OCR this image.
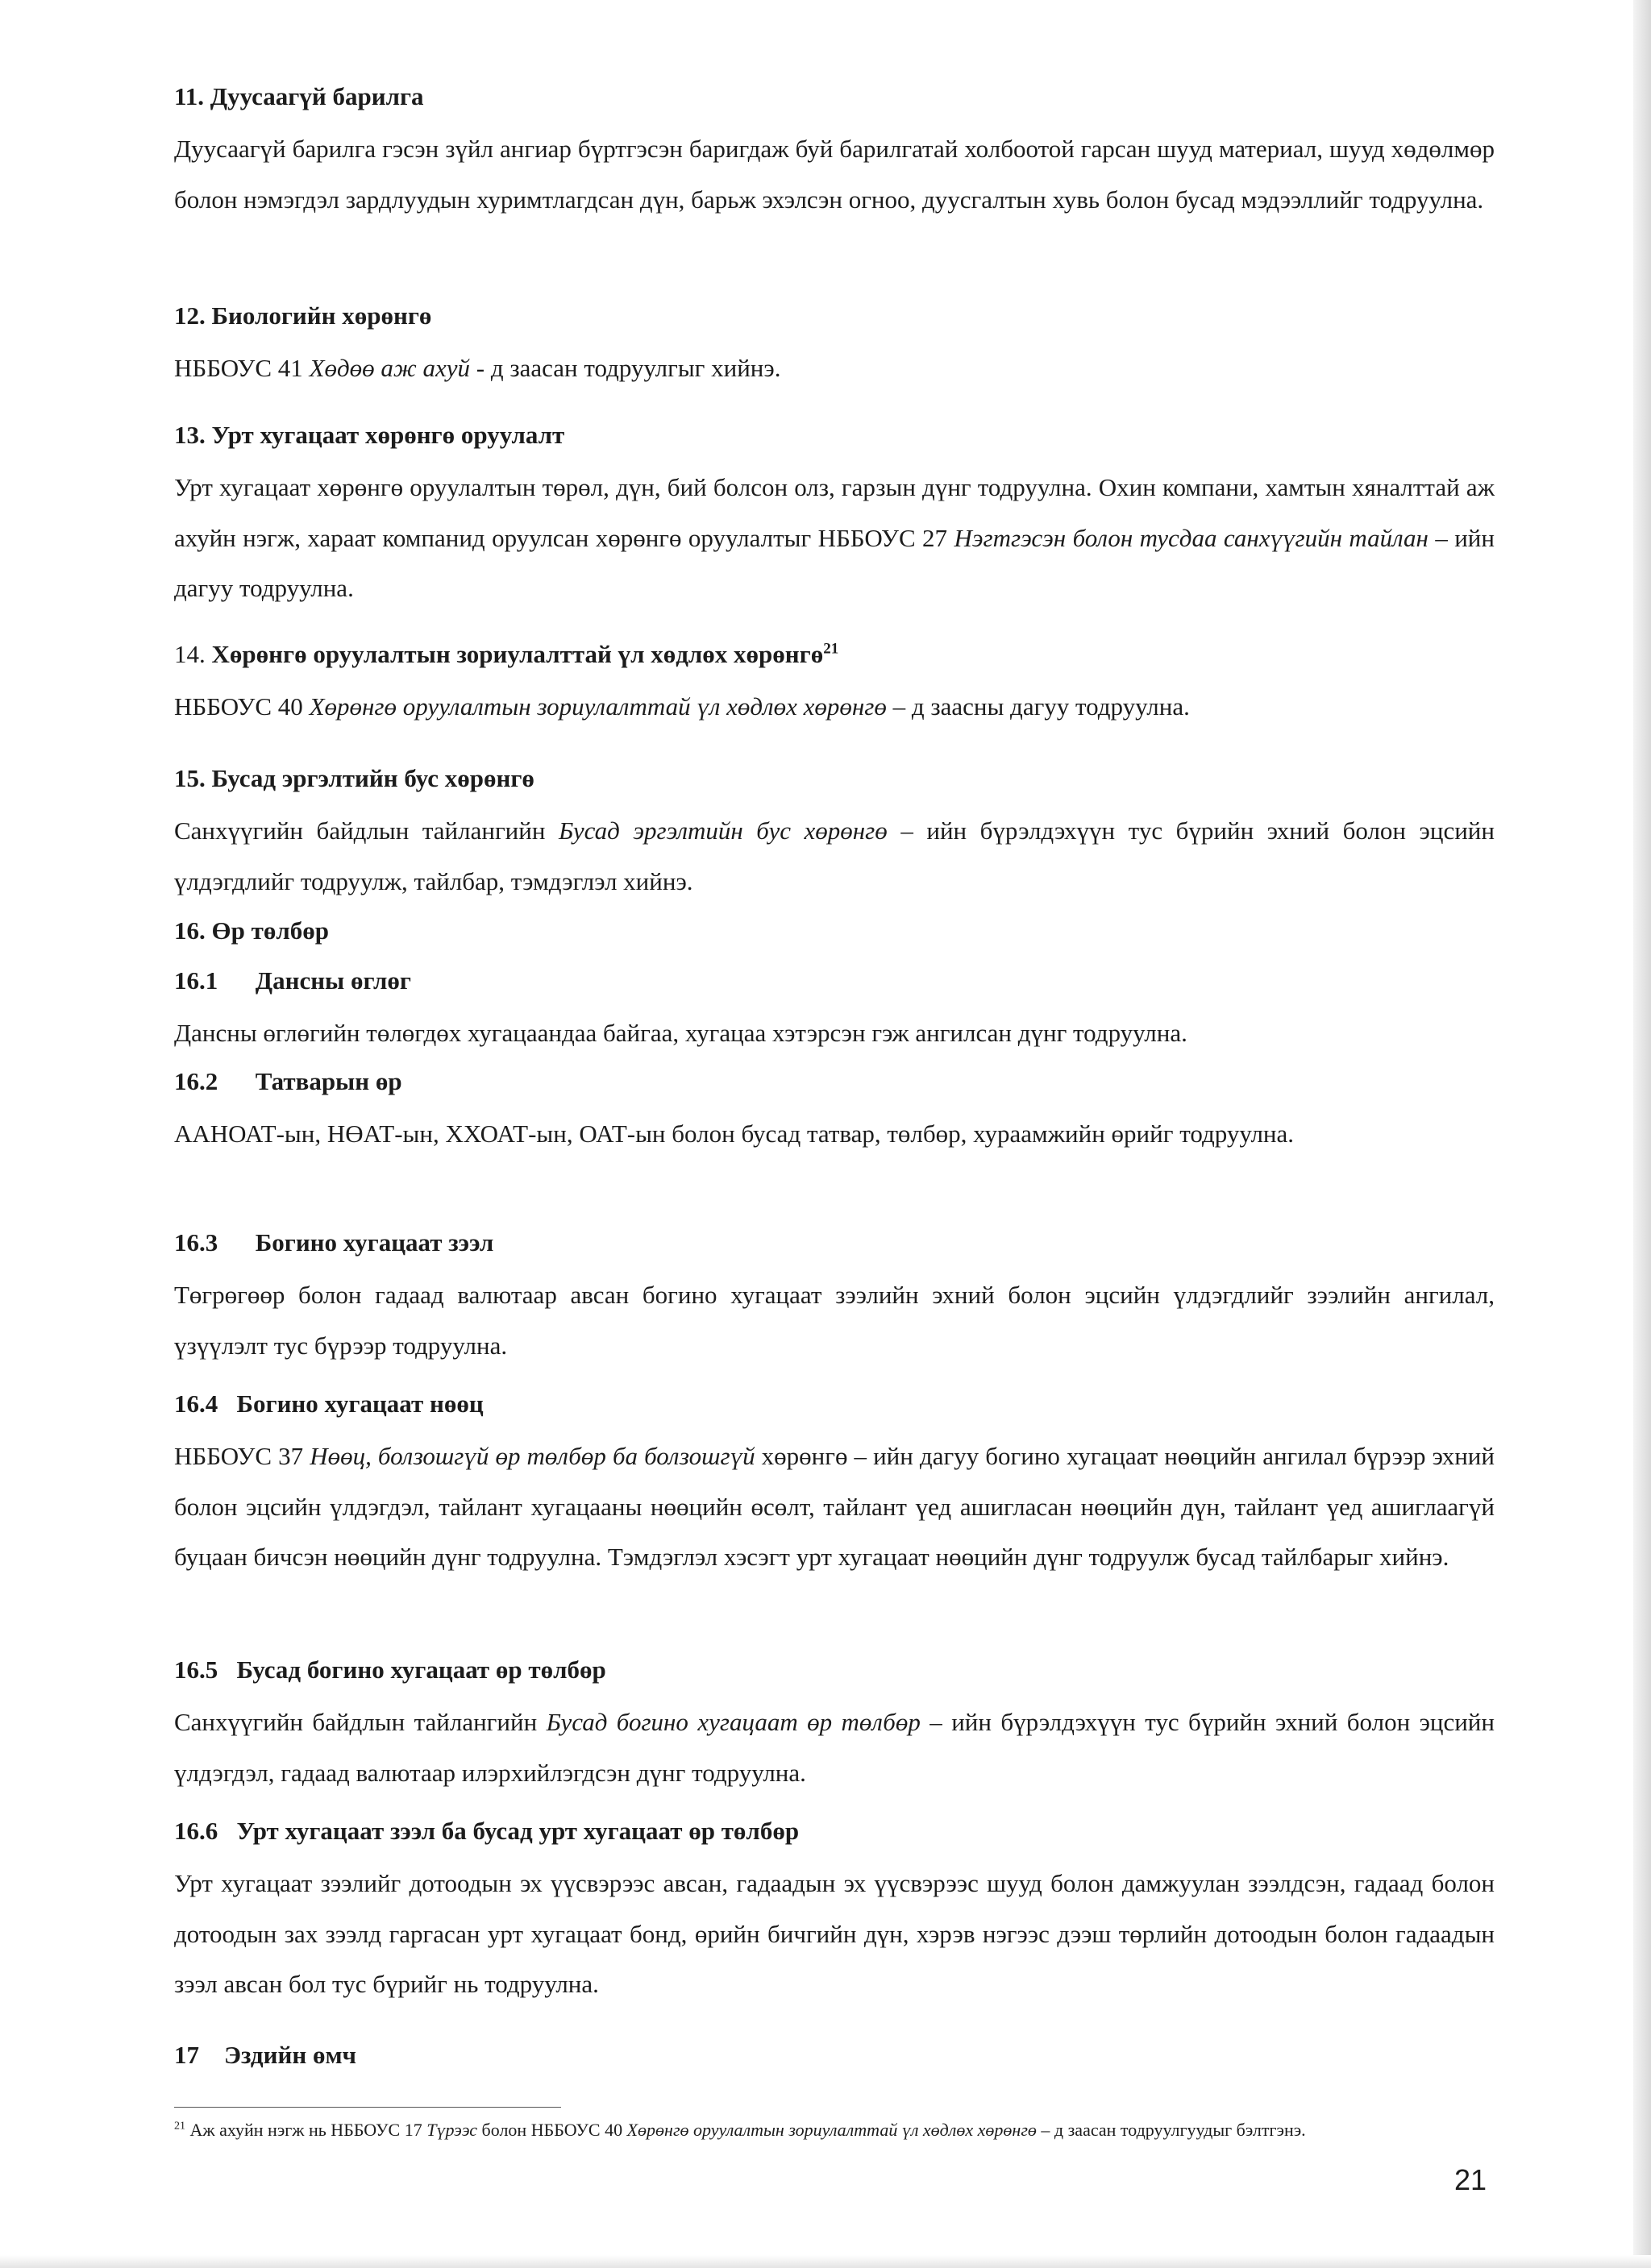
11. Дуусаагүй барилга

Дуусаагүй барилга гэсэн зүйл ангиар бүртгэсэн баригдаж буй барилгатай холбоотой гарсан шууд материал, шууд хөдөлмөр болон нэмэгдэл зардлуудын хуримтлагдсан дүн, барьж эхэлсэн огноо, дуусгалтын хувь болон бусад мэдээллийг тодруулна.

12. Биологийн хөрөнгө

НББОУС 41 Хөдөө аж ахуй - д заасан тодруулгыг хийнэ.

13. Урт хугацаат хөрөнгө оруулалт

Урт хугацаат хөрөнгө оруулалтын төрөл, дүн, бий болсон олз, гарзын дүнг тодруулна. Охин компани, хамтын хяналттай аж ахуйн нэгж, хараат компанид оруулсан хөрөнгө оруулалтыг НББОУС 27 Нэгтгэсэн болон тусдаа санхүүгийн тайлан – ийн дагуу тодруулна.

14. Хөрөнгө оруулалтын зориулалттай үл хөдлөх хөрөнгө$^{21}$

НББОУС 40 Хөрөнгө оруулалтын зориулалттай үл хөдлөх хөрөнгө – д заасны дагуу тодруулна.

15. Бусад эргэлтийн бус хөрөнгө

Санхүүгийн байдлын тайлангийн Бусад эргэлтийн бус хөрөнгө – ийн бүрэлдэхүүн тус бүрийн эхний болон эцсийн үлдэгдлийг тодруулж, тайлбар, тэмдэглэл хийнэ.

16. Өр төлбөр

16.1      Дансны өглөг

Дансны өглөгийн төлөгдөх хугацаандаа байгаа, хугацаа хэтэрсэн гэж ангилсан дүнг тодруулна.

16.2      Татварын өр

ААНОАТ-ын, НӨАТ-ын, ХХОАТ-ын, ОАТ-ын болон бусад татвар, төлбөр, хураамжийн өрийг тодруулна.

16.3      Богино хугацаат зээл

Төгрөгөөр болон гадаад валютаар авсан богино хугацаат зээлийн эхний болон эцсийн үлдэгдлийг зээлийн ангилал, үзүүлэлт тус бүрээр тодруулна.

16.4   Богино хугацаат нөөц

НББОУС 37 Нөөц, болзошгүй өр төлбөр ба болзошгүй хөрөнгө – ийн дагуу богино хугацаат нөөцийн ангилал бүрээр эхний болон эцсийн үлдэгдэл, тайлант хугацааны нөөцийн өсөлт, тайлант үед ашигласан нөөцийн дүн, тайлант үед ашиглаагүй буцаан бичсэн нөөцийн дүнг тодруулна. Тэмдэглэл хэсэгт урт хугацаат нөөцийн дүнг тодруулж бусад тайлбарыг хийнэ.

16.5   Бусад богино хугацаат өр төлбөр

Санхүүгийн байдлын тайлангийн Бусад богино хугацаат өр төлбөр – ийн бүрэлдэхүүн тус бүрийн эхний болон эцсийн үлдэгдэл, гадаад валютаар илэрхийлэгдсэн дүнг тодруулна.

16.6   Урт хугацаат зээл ба бусад урт хугацаат өр төлбөр

Урт хугацаат зээлийг дотоодын эх үүсвэрээс авсан, гадаадын эх үүсвэрээс шууд болон дамжуулан зээлдсэн, гадаад болон дотоодын зах зээлд гаргасан урт хугацаат бонд, өрийн бичгийн дүн, хэрэв нэгээс дээш төрлийн дотоодын болон гадаадын зээл авсан бол тус бүрийг нь тодруулна.

17    Эздийн өмч

$^{21}$ Аж ахуйн нэгж нь НББОУС 17 Түрээс болон НББОУС 40 Хөрөнгө оруулалтын зориулалттай үл хөдлөх хөрөнгө – д заасан тодруулгуудыг бэлтгэнэ.
21
